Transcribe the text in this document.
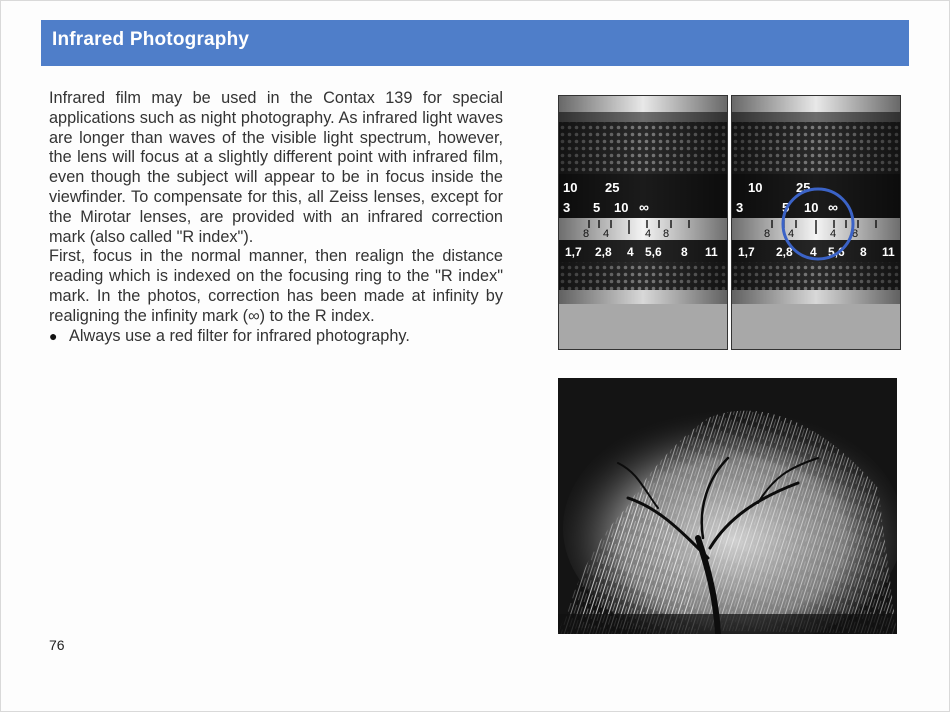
Infrared Photography

Infrared film may be used in the Contax 139 for special applications such as night photography. As infrared light waves are longer than waves of the visible light spectrum, however, the lens will focus at a slightly different point with infrared film, even though the subject will appear to be in focus inside the viewfinder. To compensate for this, all Zeiss lenses, except for the Mirotar lenses, are provided with an infrared correction mark (also called "R index").

First, focus in the normal manner, then realign the distance reading which is indexed on the focusing ring to the "R index" mark. In the photos, correction has been made at infinity by realigning the infinity mark (∞) to the R index.

● Always use a red filter for infrared photography.
76
10 25
3 5 10 ∞
8 4	4 8
1,7 2,8 4 5,6 8 11
10	25
3	5 10 ∞
8 4	4 8
1,7 2,8 4 5,6 8 11
